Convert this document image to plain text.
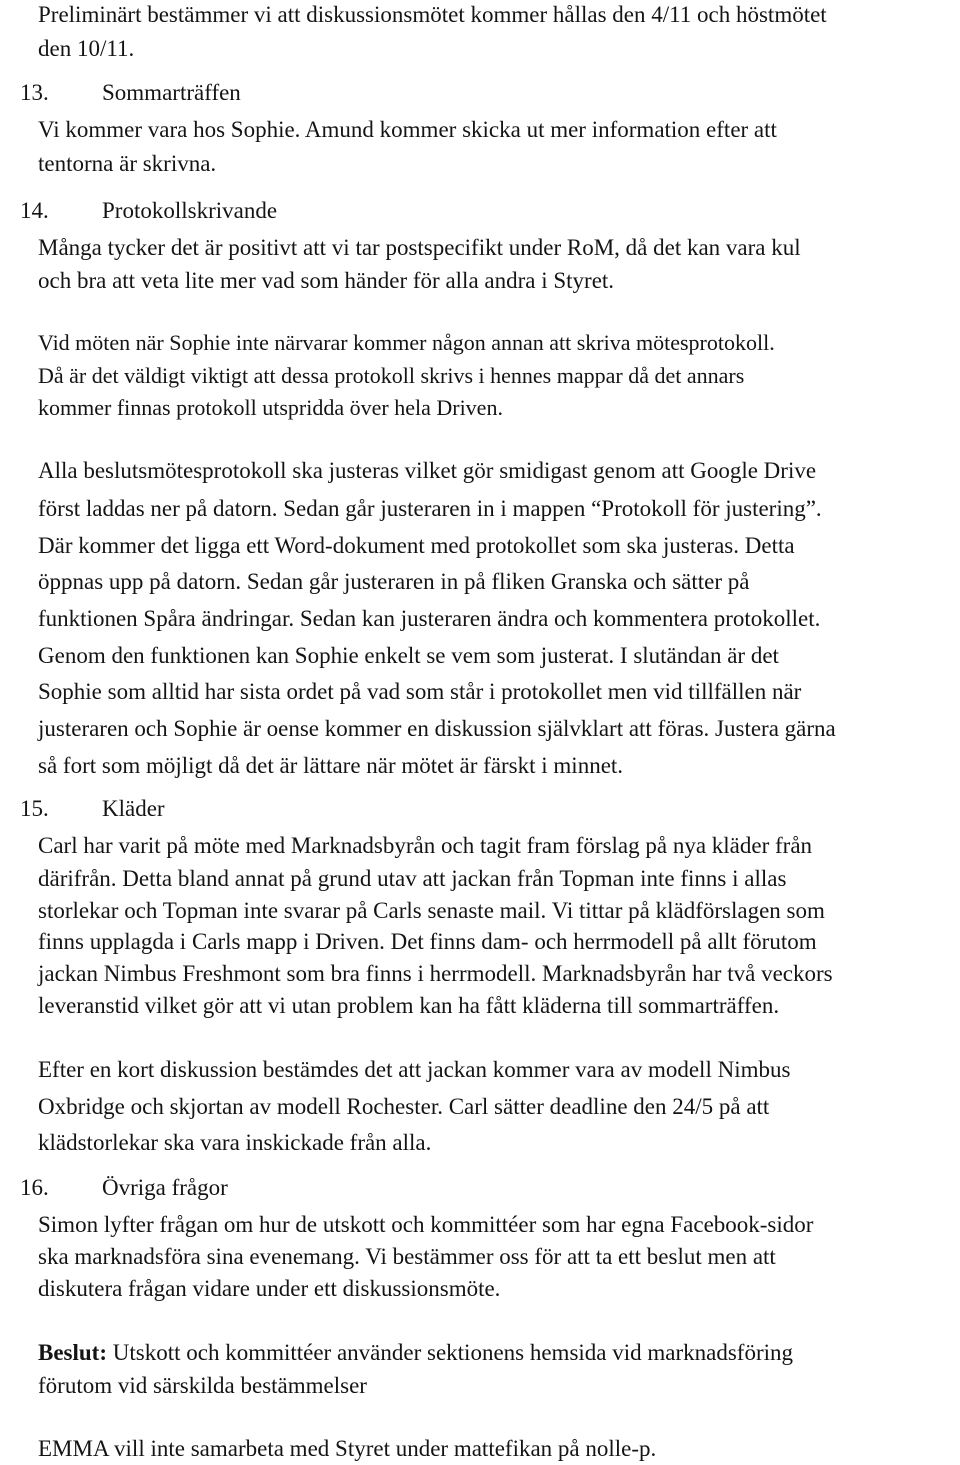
Preliminärt bestämmer vi att diskussionsmötet kommer hållas den 4/11 och höstmötet
den 10/11.
13. Sommarträffen
Vi kommer vara hos Sophie. Amund kommer skicka ut mer information efter att
tentorna är skrivna.
14. Protokollskrivande
Många tycker det är positivt att vi tar postspecifikt under RoM, då det kan vara kul
och bra att veta lite mer vad som händer för alla andra i Styret.
Vid möten när Sophie inte närvarar kommer någon annan att skriva mötesprotokoll.
Då är det väldigt viktigt att dessa protokoll skrivs i hennes mappar då det annars
kommer finnas protokoll utspridda över hela Driven.
Alla beslutsmötesprotokoll ska justeras vilket gör smidigast genom att Google Drive
först laddas ner på datorn. Sedan går justeraren in i mappen “Protokoll för justering”.
Där kommer det ligga ett Word-dokument med protokollet som ska justeras. Detta
öppnas upp på datorn. Sedan går justeraren in på fliken Granska och sätter på
funktionen Spåra ändringar. Sedan kan justeraren ändra och kommentera protokollet.
Genom den funktionen kan Sophie enkelt se vem som justerat. I slutändan är det
Sophie som alltid har sista ordet på vad som står i protokollet men vid tillfällen när
justeraren och Sophie är oense kommer en diskussion självklart att föras. Justera gärna
så fort som möjligt då det är lättare när mötet är färskt i minnet.
15. Kläder
Carl har varit på möte med Marknadsbyrån och tagit fram förslag på nya kläder från
därifrån. Detta bland annat på grund utav att jackan från Topman inte finns i allas
storlekar och Topman inte svarar på Carls senaste mail. Vi tittar på klädförslagen som
finns upplagda i Carls mapp i Driven. Det finns dam- och herrmodell på allt förutom
jackan Nimbus Freshmont som bra finns i herrmodell. Marknadsbyrån har två veckors
leveranstid vilket gör att vi utan problem kan ha fått kläderna till sommarträffen.
Efter en kort diskussion bestämdes det att jackan kommer vara av modell Nimbus
Oxbridge och skjortan av modell Rochester. Carl sätter deadline den 24/5 på att
klädstorlekar ska vara inskickade från alla.
16. Övriga frågor
Simon lyfter frågan om hur de utskott och kommittéer som har egna Facebook-sidor
ska marknadsföra sina evenemang. Vi bestämmer oss för att ta ett beslut men att
diskutera frågan vidare under ett diskussionsmöte.
Beslut: Utskott och kommittéer använder sektionens hemsida vid marknadsföring
förutom vid särskilda bestämmelser
EMMA vill inte samarbeta med Styret under mattefikan på nolle-p.
